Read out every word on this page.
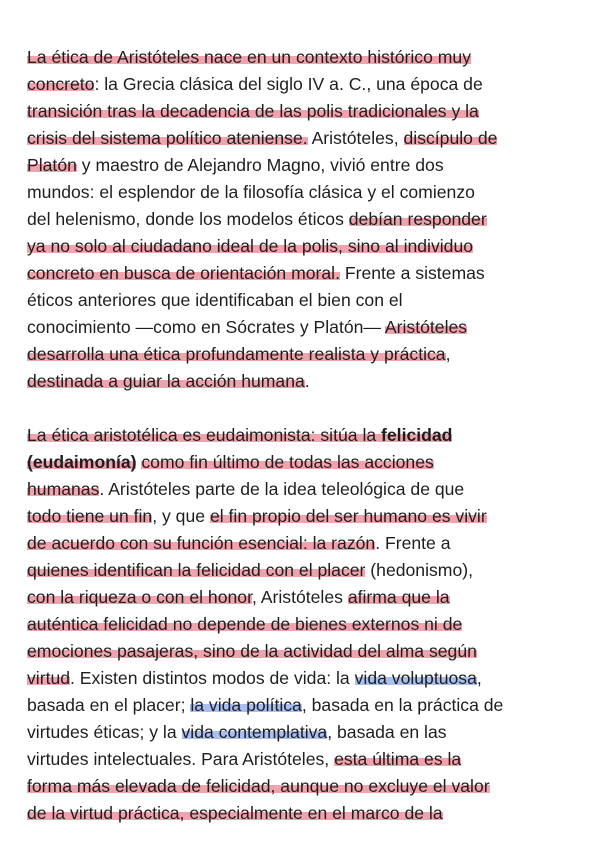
La ética de Aristóteles nace en un contexto histórico muy
concreto: la Grecia clásica del siglo IV a. C., una época de
transición tras la decadencia de las polis tradicionales y la
crisis del sistema político ateniense. Aristóteles, discípulo de
Platón y maestro de Alejandro Magno, vivió entre dos
mundos: el esplendor de la filosofía clásica y el comienzo
del helenismo, donde los modelos éticos debían responder
ya no solo al ciudadano ideal de la polis, sino al individuo
concreto en busca de orientación moral. Frente a sistemas
éticos anteriores que identificaban el bien con el
conocimiento —como en Sócrates y Platón— Aristóteles
desarrolla una ética profundamente realista y práctica,
destinada a guiar la acción humana.

La ética aristotélica es eudaimonista: sitúa la felicidad
(eudaimonía) como fin último de todas las acciones
humanas. Aristóteles parte de la idea teleológica de que
todo tiene un fin, y que el fin propio del ser humano es vivir
de acuerdo con su función esencial: la razón. Frente a
quienes identifican la felicidad con el placer (hedonismo),
con la riqueza o con el honor, Aristóteles afirma que la
auténtica felicidad no depende de bienes externos ni de
emociones pasajeras, sino de la actividad del alma según
virtud. Existen distintos modos de vida: la vida voluptuosa,
basada en el placer; la vida política, basada en la práctica de
virtudes éticas; y la vida contemplativa, basada en las
virtudes intelectuales. Para Aristóteles, esta última es la
forma más elevada de felicidad, aunque no excluye el valor
de la virtud práctica, especialmente en el marco de la
